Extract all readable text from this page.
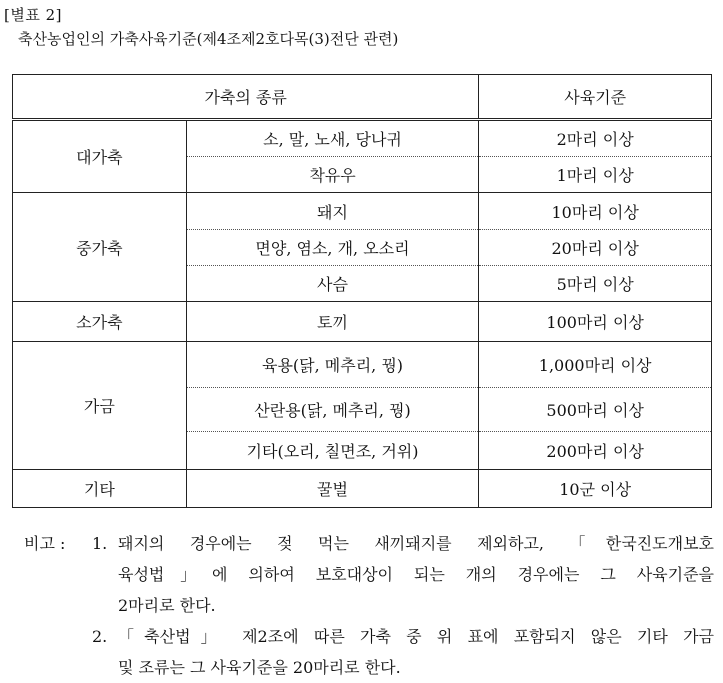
[별표 2]
축산농업인의 가축사육기준(제4조제2호다목(3)전단 관련)
가축의 종류		사육기준
대가축	소, 말, 노새, 당나귀	2마리 이상
	착유우	1마리 이상
중가축	돼지	10마리 이상
	면양, 염소, 개, 오소리	20마리 이상
	사슴	5마리 이상
소가축	토끼	100마리 이상
가금	육용(닭, 메추리, 꿩)	1,000마리 이상
	산란용(닭, 메추리, 꿩)	500마리 이상
	기타(오리, 칠면조, 거위)	200마리 이상
기타	꿀벌	10군 이상
비고 : 1. 돼지의 경우에는 젖 먹는 새끼돼지를 제외하고, 「한국진도개보호
육성법」에 의하여 보호대상이 되는 개의 경우에는 그 사육기준을
2마리로 한다.
2. 「축산법」 제2조에 따른 가축 중 위 표에 포함되지 않은 기타 가금
및 조류는 그 사육기준을 20마리로 한다.
